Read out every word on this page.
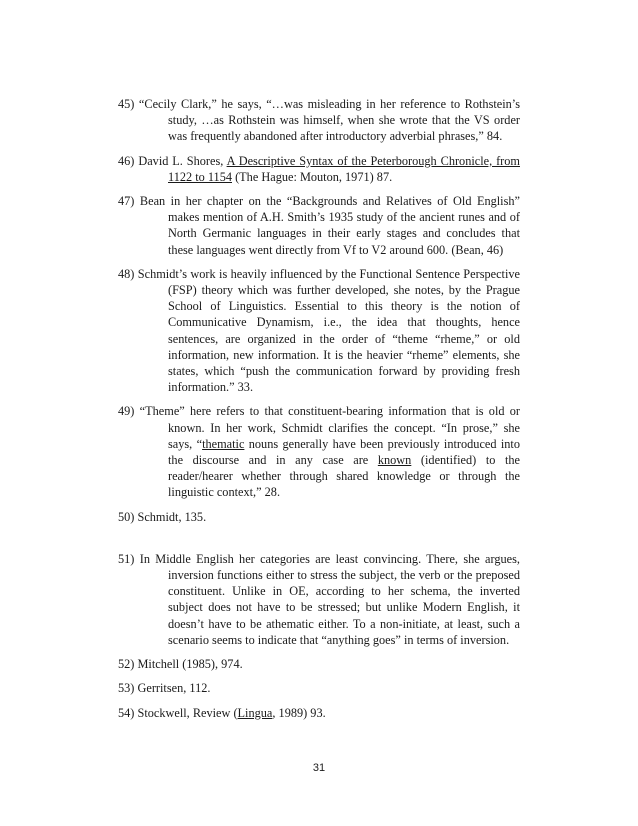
45) “Cecily Clark,” he says, “…was misleading in her reference to Rothstein’s study, …as Rothstein was himself, when she wrote that the VS order was frequently abandoned after introductory adverbial phrases,” 84.

46) David L. Shores, A Descriptive Syntax of the Peterborough Chronicle, from 1122 to 1154 (The Hague: Mouton, 1971) 87.

47) Bean in her chapter on the “Backgrounds and Relatives of Old English” makes mention of A.H. Smith’s 1935 study of the ancient runes and of North Germanic languages in their early stages and concludes that these languages went directly from Vf to V2 around 600. (Bean, 46)

48) Schmidt’s work is heavily influenced by the Functional Sentence Perspective (FSP) theory which was further developed, she notes, by the Prague School of Linguistics. Essential to this theory is the notion of Communicative Dynamism, i.e., the idea that thoughts, hence sentences, are organized in the order of “theme “rheme,” or old information, new information. It is the heavier “rheme” elements, she states, which “push the communication forward by providing fresh information.” 33.

49) “Theme” here refers to that constituent-bearing information that is old or known. In her work, Schmidt clarifies the concept. “In prose,” she says, “thematic nouns generally have been previously introduced into the discourse and in any case are known (identified) to the reader/hearer whether through shared knowledge or through the linguistic context,” 28.

50) Schmidt, 135.

51) In Middle English her categories are least convincing. There, she argues, inversion functions either to stress the subject, the verb or the preposed constituent. Unlike in OE, according to her schema, the inverted subject does not have to be stressed; but unlike Modern English, it doesn’t have to be athematic either. To a non-initiate, at least, such a scenario seems to indicate that “anything goes” in terms of inversion.

52) Mitchell (1985), 974.

53) Gerritsen, 112.

54) Stockwell, Review (Lingua, 1989) 93.

31
